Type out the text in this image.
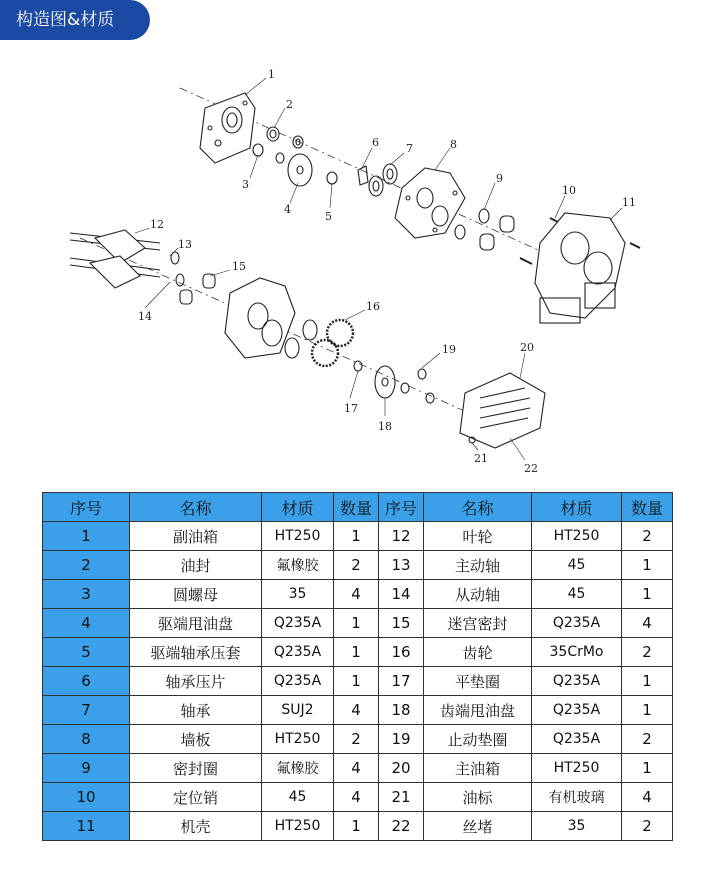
构造图&材质
1
2
3
4
5
6 7	8
9
10
11
12
13
14
15
16
17
18
19	20
21
22
序号	名称	材质	数量	序号	名称	材质	数量
1	副油箱	HT250	1	12	叶轮	HT250	2
2	油封	氟橡胶	2	13	主动轴	45	1
3	圆螺母	35	4	14	从动轴	45	1
4	驱端甩油盘	Q235A	1	15	迷宫密封	Q235A	4
5	驱端轴承压套	Q235A	1	16	齿轮	35CrMo	2
6	轴承压片	Q235A	1	17	平垫圈	Q235A	1
7	轴承	SUJ2	4	18	齿端甩油盘	Q235A	1
8	墙板	HT250	2	19	止动垫圈	Q235A	2
9	密封圈	氟橡胶	4	20	主油箱	HT250	1
10	定位销	45	4	21	油标	有机玻璃	4
11	机壳	HT250	1	22	丝堵	35	2
